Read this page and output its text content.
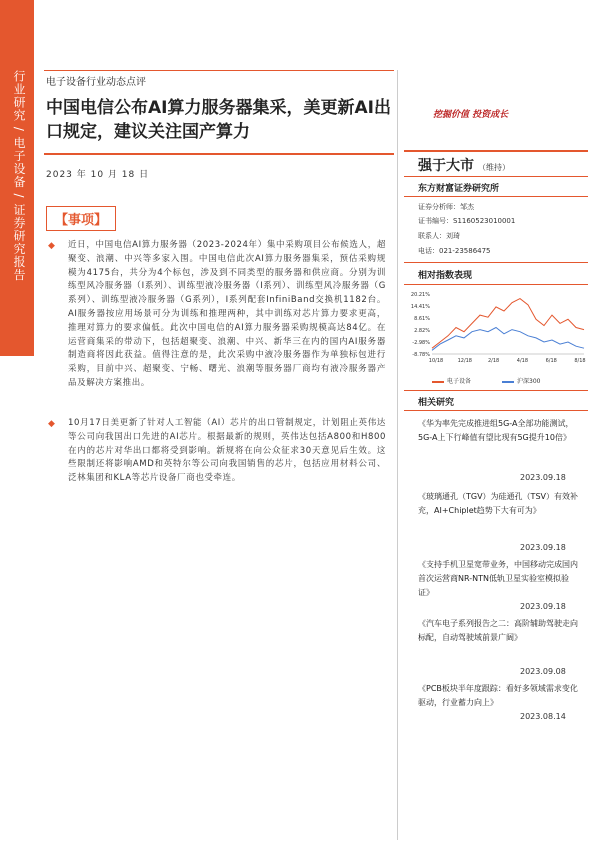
行业研究 / 电子设备 / 证券研究报告 电子设备行业动态点评
中国电信公布AI算力服务器集采，美更新AI出口规定，建议关注国产算力
2023 年 10 月 18 日
挖掘价值 投资成长
强于大市 （维持）
东方财富证券研究所
证券分析师：邹杰
证书编号：S1160523010001
联系人：刘琦
电话：021-23586475
相对指数表现
20.21%
14.41%
8.61%
2.82%
-2.98%
-8.78%
10/18	12/18	2/18	4/18	6/18	8/18
电子设备	沪深300
相关研究
《华为率先完成推进组5G-A全部功能测试，5G-A上下行峰值有望比现有5G提升10倍》
2023.09.18
《玻璃通孔（TGV）为硅通孔（TSV）有效补充，AI+Chiplet趋势下大有可为》
2023.09.18
《支持手机卫星宽带业务，中国移动完成国内首次运营商NR-NTN低轨卫星实验室模拟验证》
2023.09.18
《汽车电子系列报告之二：高阶辅助驾驶走向标配，自动驾驶域前景广阔》
2023.09.08
《PCB板块半年度跟踪：看好多领域需求变化驱动，行业蓄力向上》
2023.08.14
【事项】
◆ 近日，中国电信AI算力服务器（2023-2024年）集中采购项目公布候选人，超聚变、浪潮、中兴等多家入围。中国电信此次AI算力服务器集采，预估采购规模为4175台，共分为4个标包，涉及到不同类型的服务器和供应商。分别为训练型风冷服务器（I系列）、训练型液冷服务器（I系列）、训练型风冷服务器（G系列）、训练型液冷服务器（G系列），I系列配套InfiniBand交换机1182台。AI服务器按应用场景可分为训练和推理两种，其中训练对芯片算力要求更高，推理对算力的要求偏低。此次中国电信的AI算力服务器采购规模高达84亿。在运营商集采的带动下，包括超聚变、浪潮、中兴、新华三在内的国内AI服务器制造商将因此获益。值得注意的是，此次采购中液冷服务器作为单独标包进行采购，目前中兴、超聚变、宁畅、曙光、浪潮等服务器厂商均有液冷服务器产品及解决方案推出。
◆ 10月17日美更新了针对人工智能（AI）芯片的出口管制规定，计划阻止英伟达等公司向我国出口先进的AI芯片。根据最新的规则，英伟达包括A800和H800在内的芯片对华出口都将受到影响。新规将在向公众征求30天意见后生效。这些限制还将影响AMD和英特尔等公司向我国销售的芯片，包括应用材料公司、泛林集团和KLA等芯片设备厂商也受牵连。
